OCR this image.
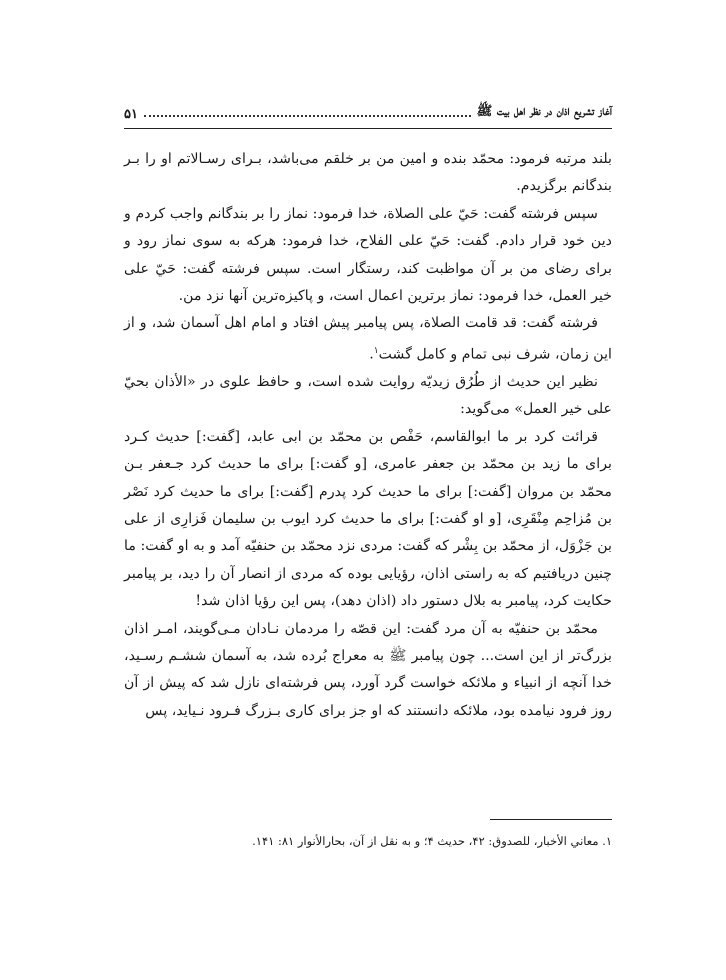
آغاز تشریع اذان در نظر اهل بیت ﷺ
۵۱

بلند مرتبه فرمود: محمّد بنده و امین من بر خلقم می‌باشد، بـرای رسـالاتم او را بـر بندگانم برگزیدم.

سپس فرشته گفت: حَيّ علی الصلاة، خدا فرمود: نماز را بر بندگانم واجب کردم و دین خود قرار دادم. گفت: حَيّ علی الفلاح، خدا فرمود: هرکه به سوی نماز رود و برای رضای من بر آن مواظبت کند، رستگار است. سپس فرشته گفت: حَيّ علی خیر العمل، خدا فرمود: نماز برترین اعمال است، و پاکیزه‌ترین آنها نزد من.

فرشته گفت: قد قامت الصلاة، پس پیامبر پیش افتاد و امام اهل آسمان شد، و از این زمان، شرف نبی تمام و کامل گشت$^۱$.

نظیر این حدیث از طُرُق زیدیّه روایت شده است، و حافظ علوی در «الأذان بحيّ علی خیر العمل» می‌گوید:

قرائت کرد بر ما ابوالقاسم، حَفْص بن محمّد بن ابی عابد، [گفت:] حدیث کـرد برای ما زید بن محمّد بن جعفر عامری، [و گفت:] برای ما حدیث کرد جـعفر بـن محمّد بن مروان [گفت:] برای ما حدیث کرد پدرم [گفت:] برای ما حدیث کرد نَصْر بن مُزاحِم مِنْقَرِی، [و او گفت:] برای ما حدیث کرد ایوب بن سلیمان فَزارِی از علی بن جَزْوَل، از محمّد بن بِشْر که گفت: مردی نزد محمّد بن حنفیّه آمد و به او گفت: ما چنین دریافتیم که به راستی اذان، رؤیایی بوده که مردی از انصار آن را دید، بر پیامبر حکایت کرد، پیامبر به بلال دستور داد (اذان دهد)، پس این رؤیا اذان شد!

محمّد بن حنفیّه به آن مرد گفت: این قصّه را مردمان نـادان مـی‌گویند، امـر اذان بزرگ‌تر از این است... چون پیامبر ﷺ به معراج بُرده شد، به آسمان ششـم رسـید، خدا آنچه از انبیاء و ملائکه خواست گرد آورد، پس فرشته‌ای نازل شد که پیش از آن روز فرود نیامده بود، ملائکه دانستند که او جز برای کاری بـزرگ فـرود نـیاید، پس

۱. معاني الأخبار، للصدوق: ۴۲، حدیث ۴؛ و به نقل از آن، بحارالأنوار ۸۱: ۱۴۱.
